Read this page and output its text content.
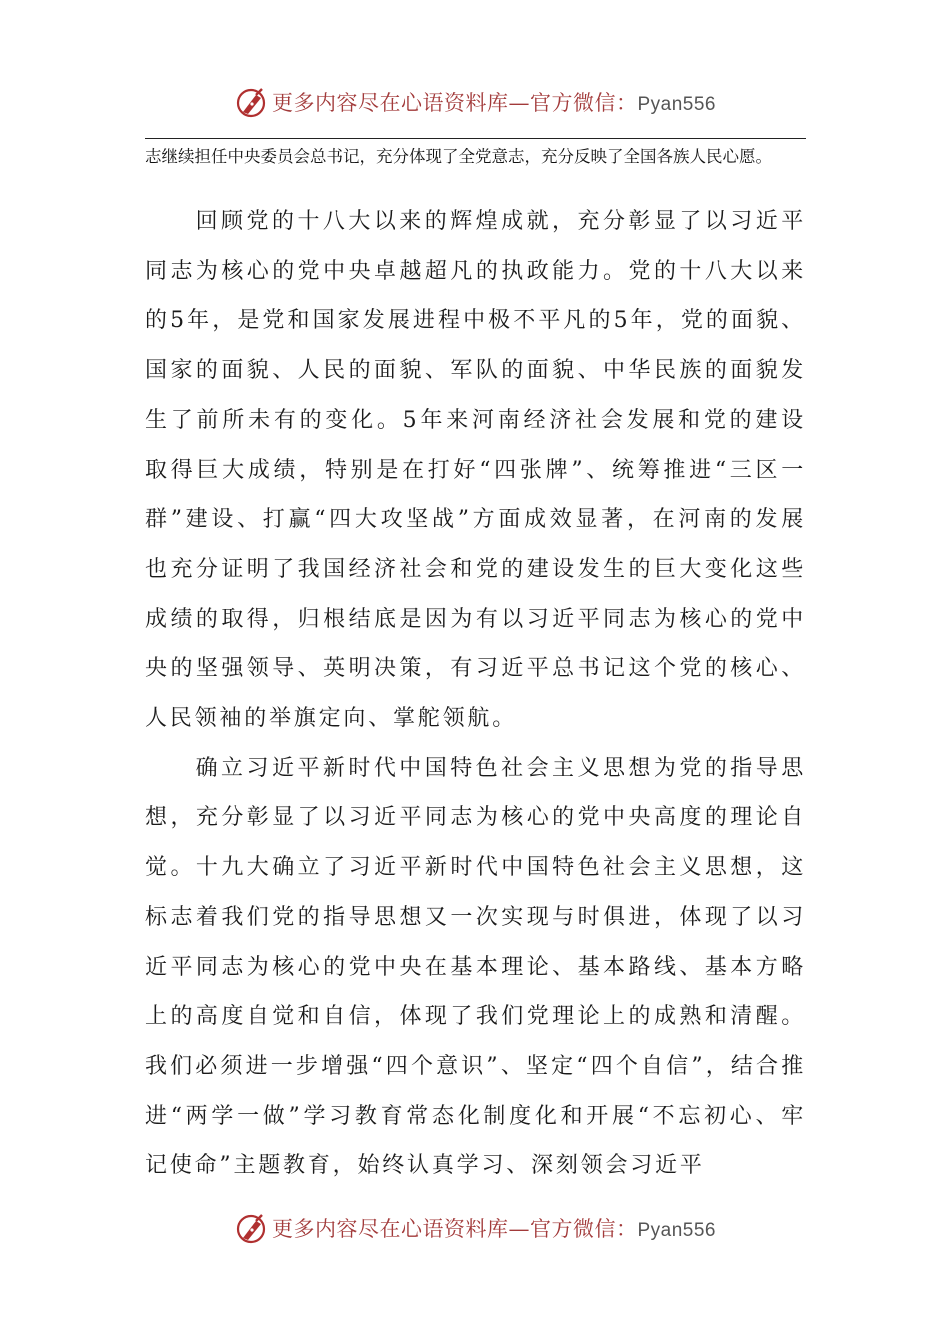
更多内容尽在心语资料库—官方微信：Pyan556
志继续担任中央委员会总书记，充分体现了全党意志，充分反映了全国各族人民心愿。

回顾党的十八大以来的辉煌成就，充分彰显了以习近平同志为核心的党中央卓越超凡的执政能力。党的十八大以来的5年，是党和国家发展进程中极不平凡的5年，党的面貌、国家的面貌、人民的面貌、军队的面貌、中华民族的面貌发生了前所未有的变化。5年来河南经济社会发展和党的建设取得巨大成绩，特别是在打好“四张牌”、统筹推进“三区一群”建设、打赢“四大攻坚战”方面成效显著，在河南的发展也充分证明了我国经济社会和党的建设发生的巨大变化这些成绩的取得，归根结底是因为有以习近平同志为核心的党中央的坚强领导、英明决策，有习近平总书记这个党的核心、人民领袖的举旗定向、掌舵领航。

确立习近平新时代中国特色社会主义思想为党的指导思想，充分彰显了以习近平同志为核心的党中央高度的理论自觉。十九大确立了习近平新时代中国特色社会主义思想，这标志着我们党的指导思想又一次实现与时俱进，体现了以习近平同志为核心的党中央在基本理论、基本路线、基本方略上的高度自觉和自信，体现了我们党理论上的成熟和清醒。我们必须进一步增强“四个意识”、坚定“四个自信”，结合推进“两学一做”学习教育常态化制度化和开展“不忘初心、牢记使命”主题教育，始终认真学习、深刻领会习近平

更多内容尽在心语资料库—官方微信：Pyan556
